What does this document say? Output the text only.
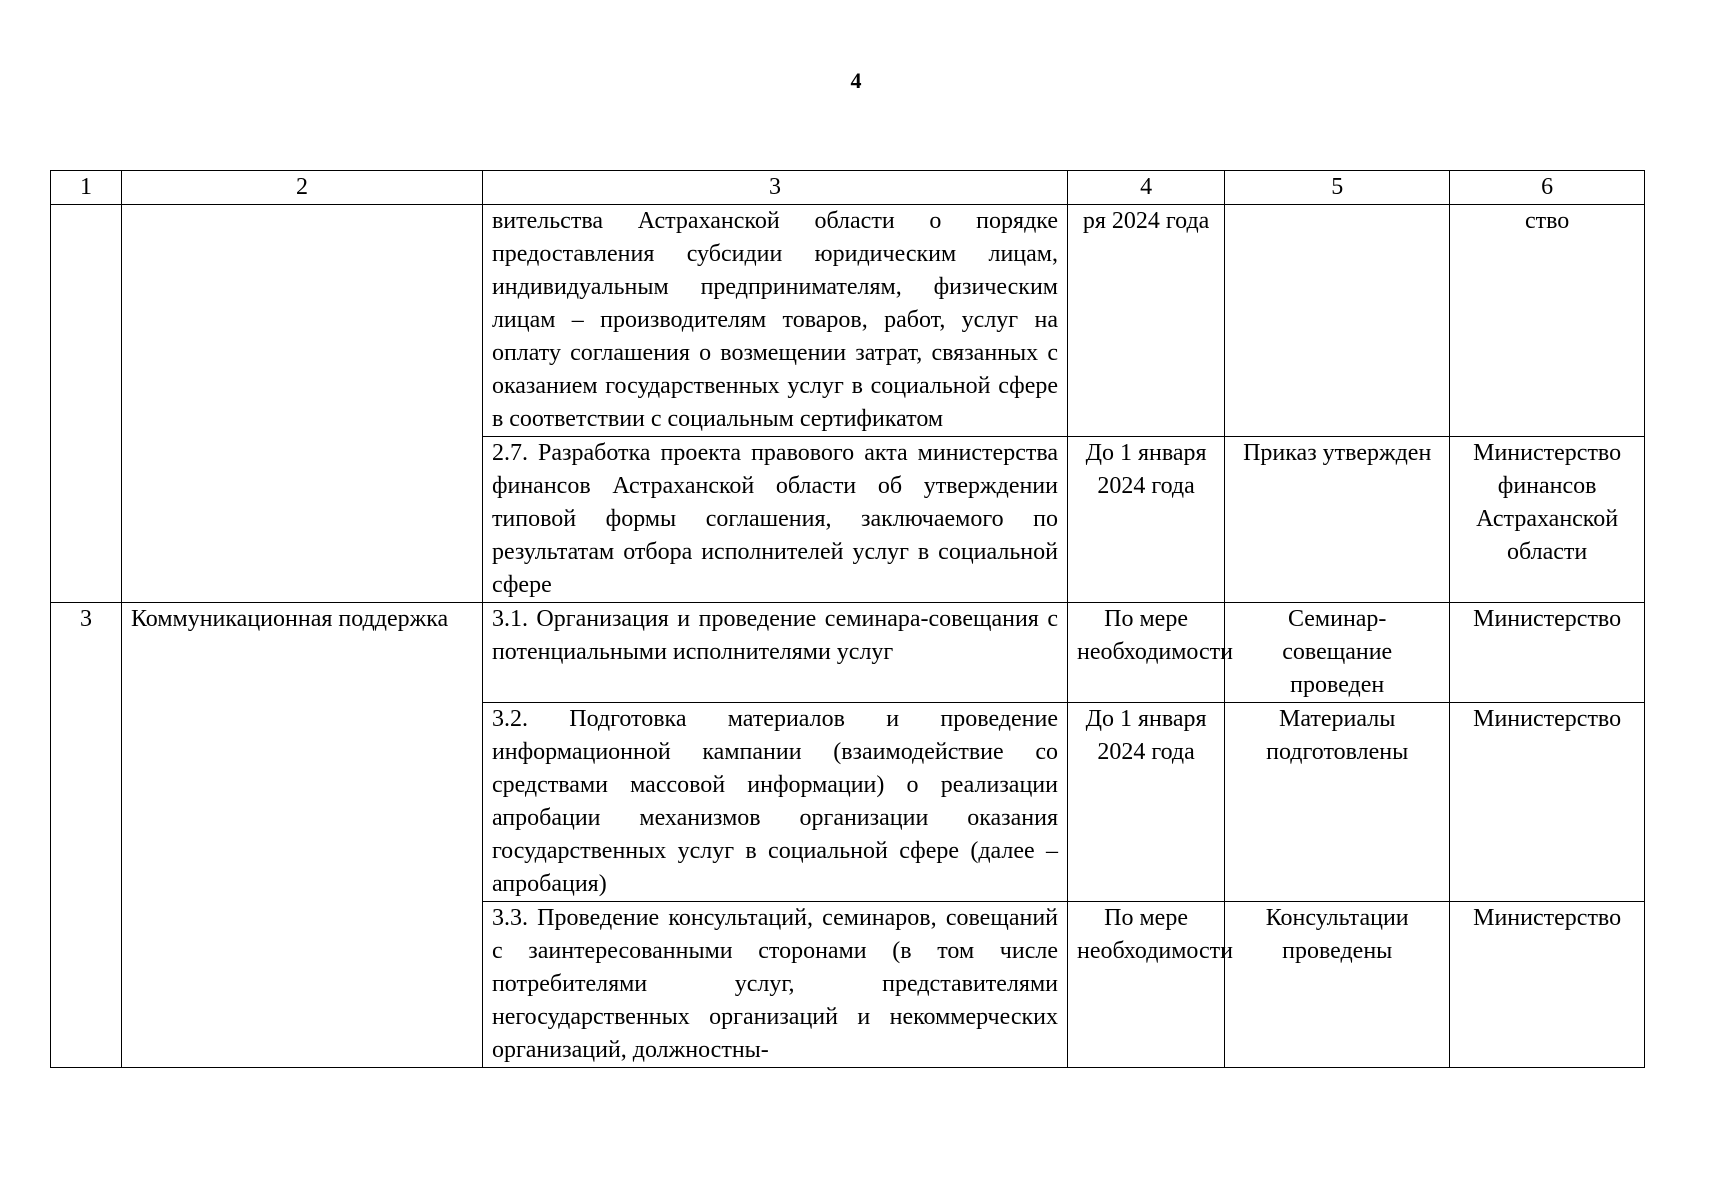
4
1	2	3	4	5	6
		вительства Астраханской области о порядке предоставления субсидии юридическим лицам, индивидуальным предпринимателям, физическим лицам – производителям товаров, работ, услуг на оплату соглашения о возмещении затрат, связанных с оказанием государственных услуг в социальной сфере в соответствии с социальным сертификатом	ря 2024 года		ство
		2.7. Разработка проекта правового акта министерства финансов Астраханской области об утверждении типовой формы соглашения, заключаемого по результатам отбора исполнителей услуг в социальной сфере	До 1 января 2024 года	Приказ утвержден	Министерство финансов Астраханской области
3	Коммуникационная поддержка	3.1. Организация и проведение семинара-совещания с потенциальными исполнителями услуг	По мере необходимости	Семинар-совещание проведен	Министерство
		3.2. Подготовка материалов и проведение информационной кампании (взаимодействие со средствами массовой информации) о реализации апробации механизмов организации оказания государственных услуг в социальной сфере (далее – апробация)	До 1 января 2024 года	Материалы подготовлены	Министерство
		3.3. Проведение консультаций, семинаров, совещаний с заинтересованными сторонами (в том числе потребителями услуг, представителями негосударственных организаций и некоммерческих организаций, должностны-	По мере необходимости	Консультации проведены	Министерство
